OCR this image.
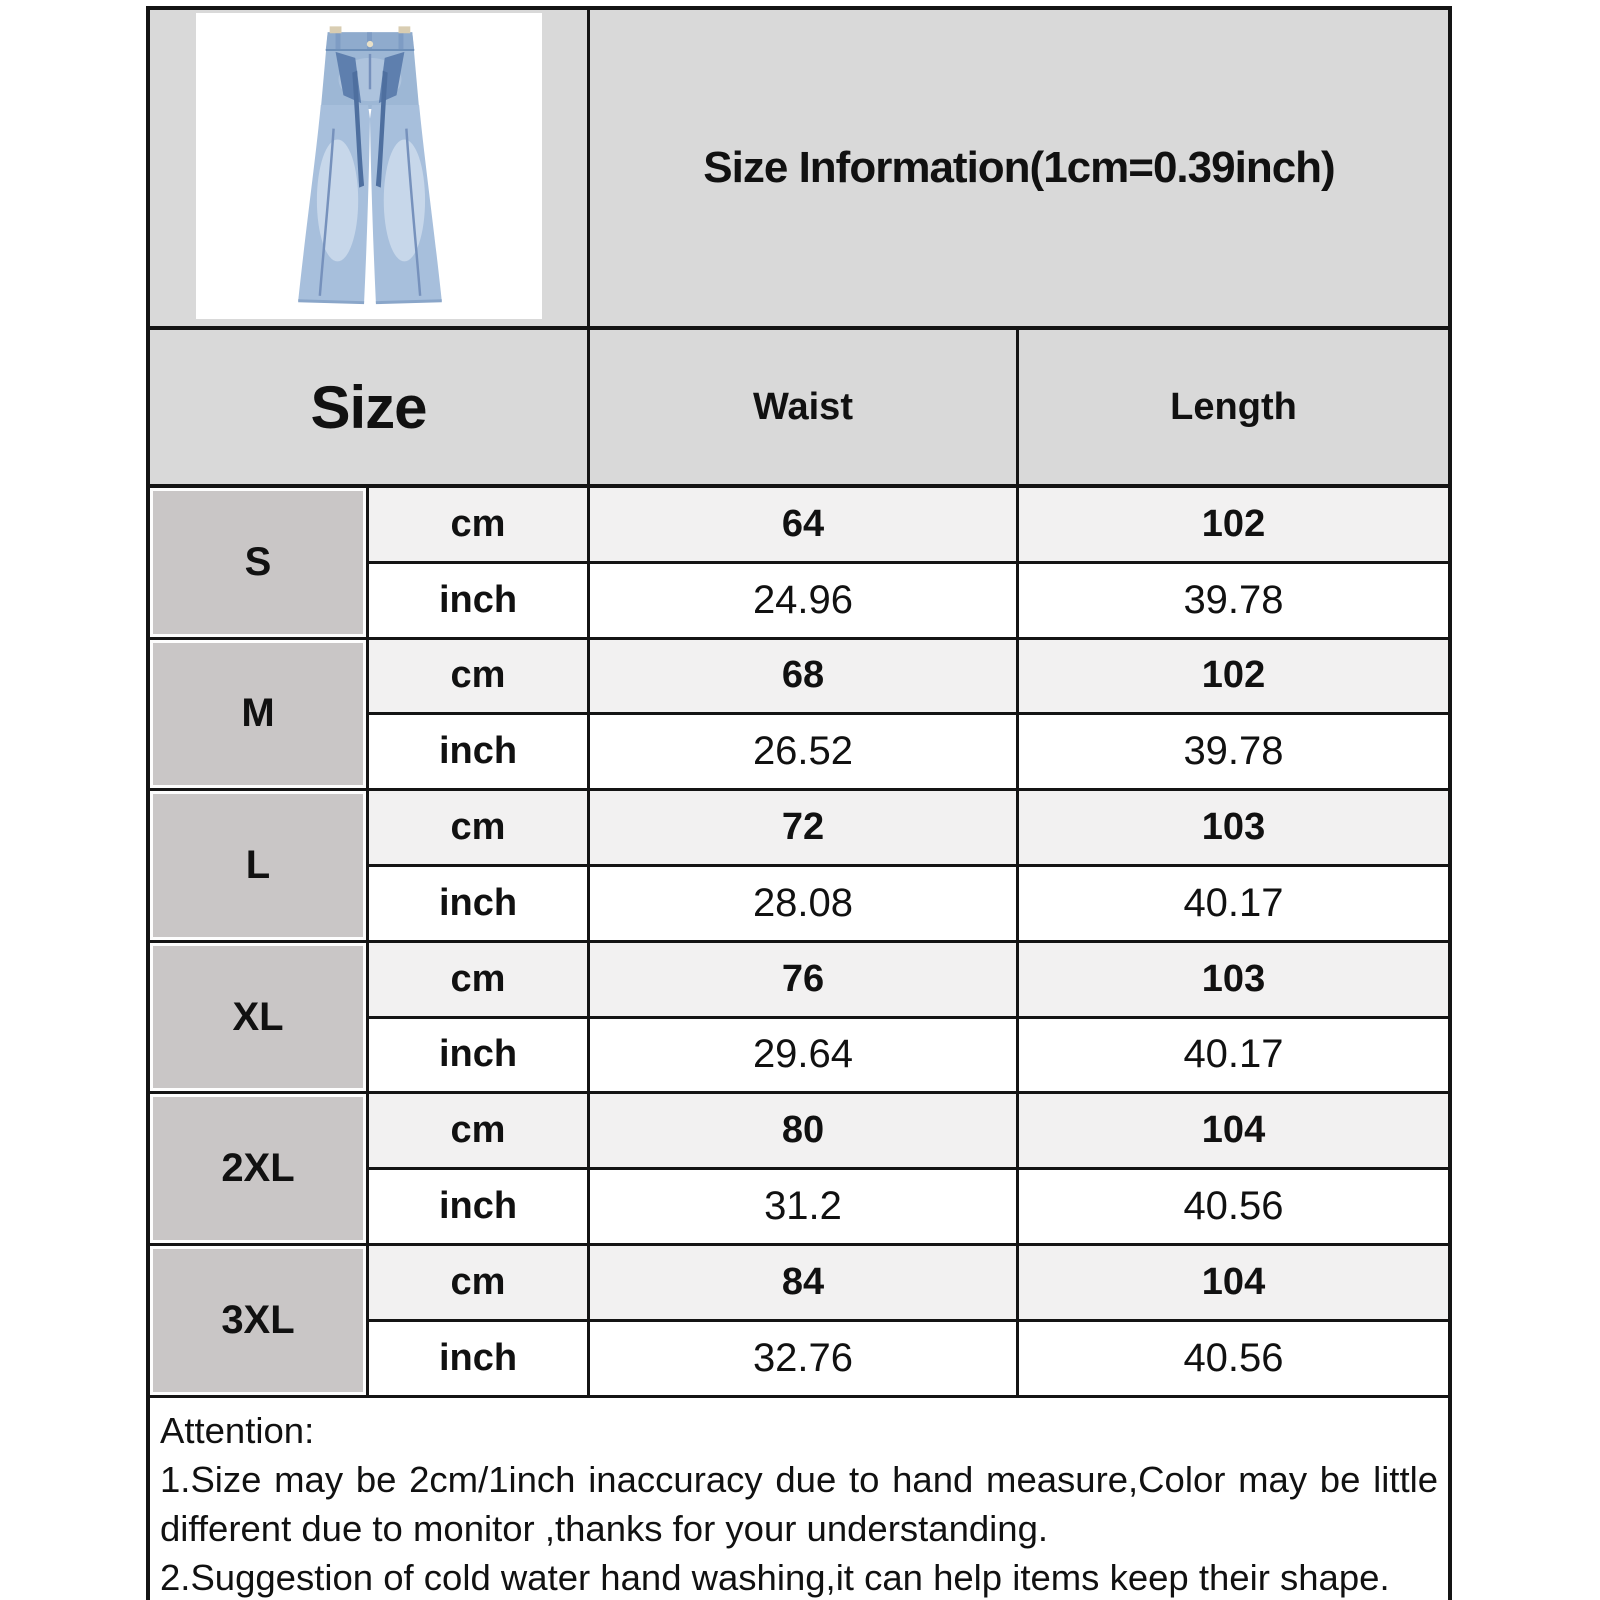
Size Information(1cm=0.39inch)
Size	Waist	Length
S
cm	64	102
inch	24.96	39.78
M
cm	68	102
inch	26.52	39.78
L
cm	72	103
inch	28.08	40.17
XL
cm	76	103
inch	29.64	40.17
2XL
cm	80	104
inch	31.2	40.56
3XL
cm	84	104
inch	32.76	40.56
Attention:
1.Size may be 2cm/1inch inaccuracy due to hand measure,Color may be little different due to monitor ,thanks for your understanding.
2.Suggestion of cold water hand washing,it can help items keep their shape.
